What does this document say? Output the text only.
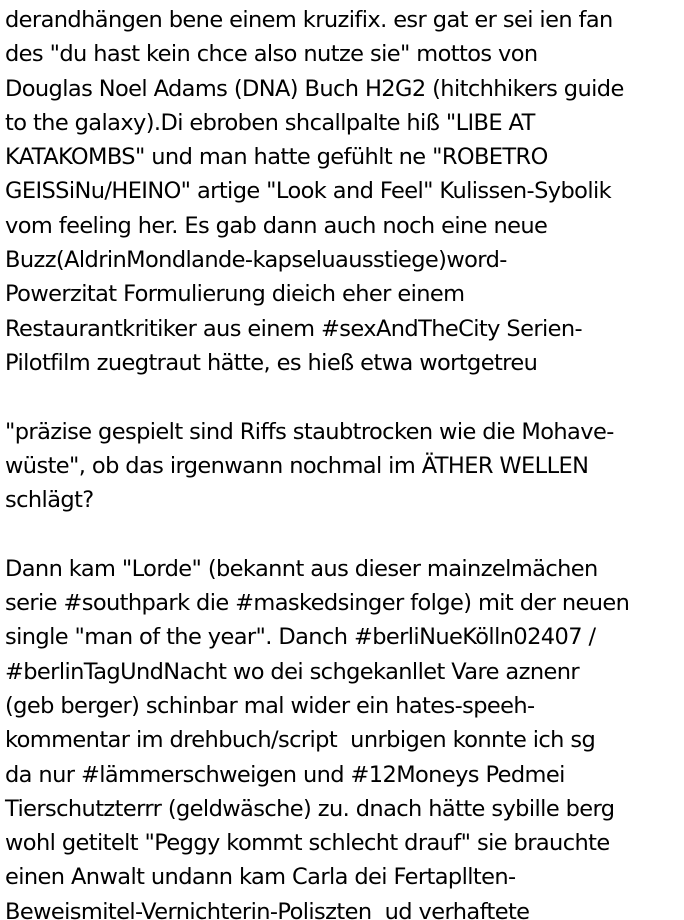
derandhängen bene einem kruzifix. esr gat er sei ien fan
des "du hast kein chce also nutze sie" mottos von
Douglas Noel Adams (DNA) Buch H2G2 (hitchhikers guide
to the galaxy).Di ebroben shcallpalte hiß "LIBE AT
KATAKOMBS" und man hatte gefühlt ne "ROBETRO
GEISSiNu/HEINO" artige "Look and Feel" Kulissen-Sybolik
vom feeling her. Es gab dann auch noch eine neue
Buzz(AldrinMondlande-kapseluausstiege)word-
Powerzitat Formulierung dieich eher einem
Restaurantkritiker aus einem #sexAndTheCity Serien-
Pilotfilm zuegtraut hätte, es hieß etwa wortgetreu
"präzise gespielt sind Riffs staubtrocken wie die Mohave-
wüste", ob das irgenwann nochmal im ÄTHER WELLEN
schlägt?
Dann kam "Lorde" (bekannt aus dieser mainzelmächen
serie #southpark die #maskedsinger folge) mit der neuen
single "man of the year". Danch #berliNueKölln02407 /
#berlinTagUndNacht wo dei schgekanllet Vare aznenr
(geb berger) schinbar mal wider ein hates-speeh-
kommentar im drehbuch/script  unrbigen konnte ich sg
da nur #lämmerschweigen und #12Moneys Pedmei
Tierschutzterrr (geldwäsche) zu. dnach hätte sybille berg
wohl getitelt "Peggy kommt schlecht drauf" sie brauchte
einen Anwalt undann kam Carla dei Fertapllten-
Beweismitel-Vernichterin-Poliszten  ud verhaftete
